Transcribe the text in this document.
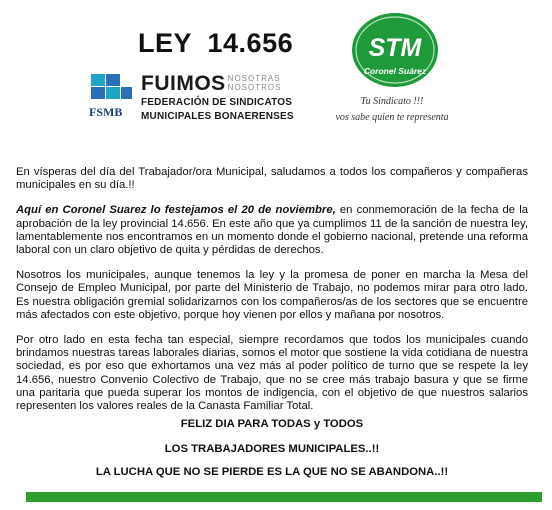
LEY  14.656
FSMB
FUIMOS NOSOTRAS
NOSOTROS
FEDERACIÓN DE SINDICATOS
MUNICIPALES BONAERENSES
STM
Coronel Suárez
Tu Sindicato !!!
vos sabe quien te representa

En vísperas del día del Trabajador/ora Municipal, saludamos a todos los compañeros y compañeras municipales en su día.!!

Aquí en Coronel Suarez lo festejamos el 20 de noviembre, en conmemoración de la fecha de la aprobación de la ley provincial 14.656. En este año que ya cumplimos 11 de la sanción de nuestra ley, lamentablemente nos encontramos en un momento donde el gobierno nacional, pretende una reforma laboral con un claro objetivo de quita y pérdidas de derechos.

Nosotros los municipales, aunque tenemos la ley y la promesa de poner en marcha la Mesa del Consejo de Empleo Municipal, por parte del Ministerio de Trabajo, no podemos mirar para otro lado. Es nuestra obligación gremial solidarizarnos con los compañeros/as de los sectores que se encuentre más afectados con este objetivo, porque hoy vienen por ellos y mañana por nosotros.

Por otro lado en esta fecha tan especial, siempre recordamos que todos los municipales cuando brindamos nuestras tareas laborales diarias, somos el motor que sostiene la vida cotidiana de nuestra sociedad, es por eso que exhortamos una vez más al poder político de turno que se respete la ley 14.656, nuestro Convenio Colectivo de Trabajo, que no se cree más trabajo basura y que se firme una paritaria que pueda superar los montos de indigencia, con el objetivo de que nuestros salarios representen los valores reales de la Canasta Familiar Total.

FELIZ DIA PARA TODAS y TODOS
LOS TRABAJADORES MUNICIPALES..!!
LA LUCHA QUE NO SE PIERDE ES LA QUE NO SE ABANDONA..!!
